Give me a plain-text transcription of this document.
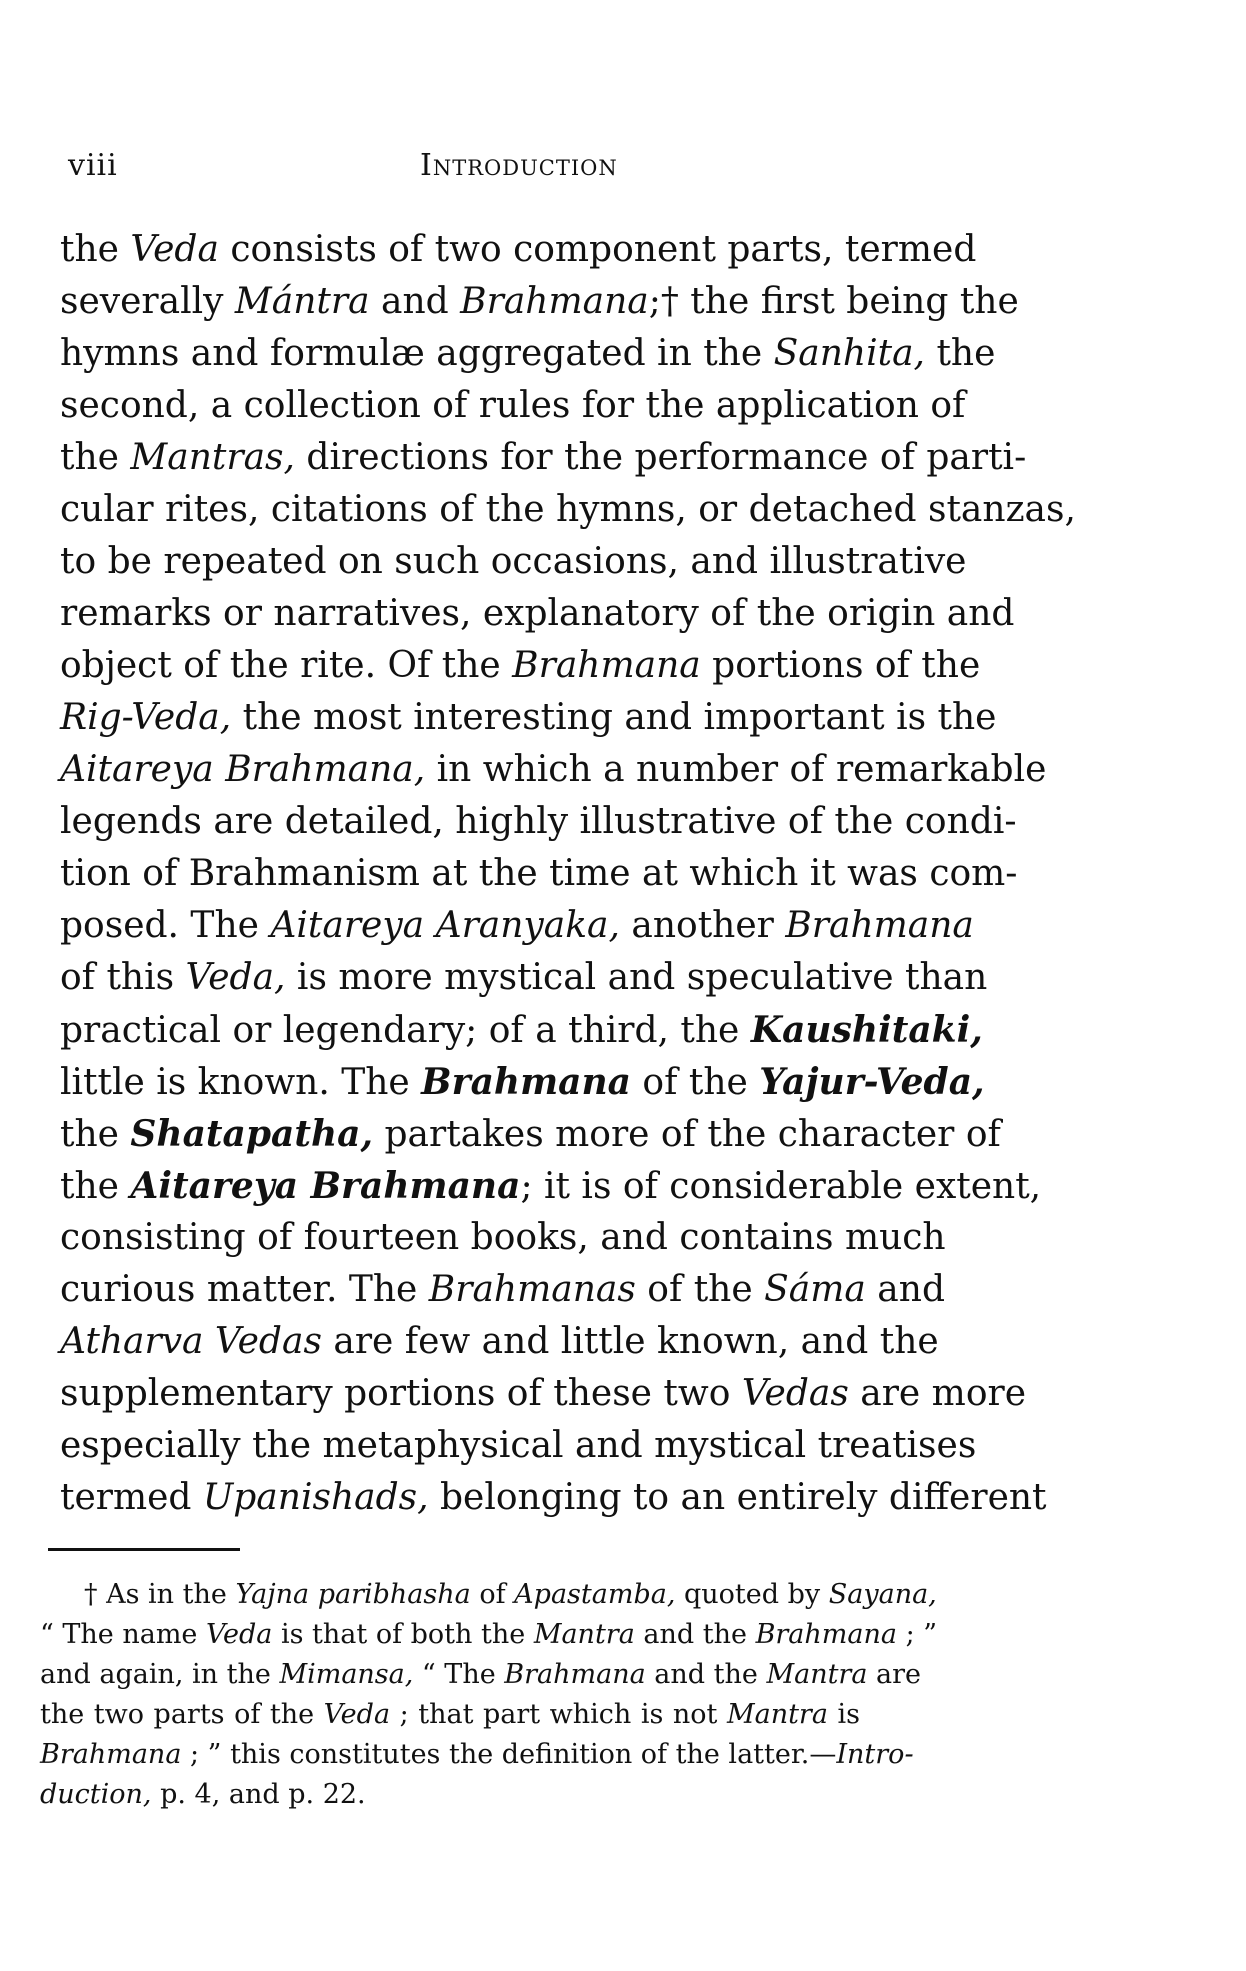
viii	Introduction
the Veda consists of two component parts, termed
severally Mántra and Brahmana;† the first being the
hymns and formulæ aggregated in the Sanhita, the
second, a collection of rules for the application of
the Mantras, directions for the performance of parti-
cular rites, citations of the hymns, or detached stanzas,
to be repeated on such occasions, and illustrative
remarks or narratives, explanatory of the origin and
object of the rite. Of the Brahmana portions of the
Rig-Veda, the most interesting and important is the
Aitareya Brahmana, in which a number of remarkable
legends are detailed, highly illustrative of the condi-
tion of Brahmanism at the time at which it was com-
posed. The Aitareya Aranyaka, another Brahmana
of this Veda, is more mystical and speculative than
practical or legendary; of a third, the Kaushitaki,
little is known. The Brahmana of the Yajur-Veda,
the Shatapatha, partakes more of the character of
the Aitareya Brahmana; it is of considerable extent,
consisting of fourteen books, and contains much
curious matter. The Brahmanas of the Sáma and
Atharva Vedas are few and little known, and the
supplementary portions of these two Vedas are more
especially the metaphysical and mystical treatises
termed Upanishads, belonging to an entirely different
† As in the Yajna paribhasha of Apastamba, quoted by Sayana,
“ The name Veda is that of both the Mantra and the Brahmana ; ”
and again, in the Mimansa, “ The Brahmana and the Mantra are
the two parts of the Veda ; that part which is not Mantra is
Brahmana ; ” this constitutes the definition of the latter.—Intro-
duction, p. 4, and p. 22.
